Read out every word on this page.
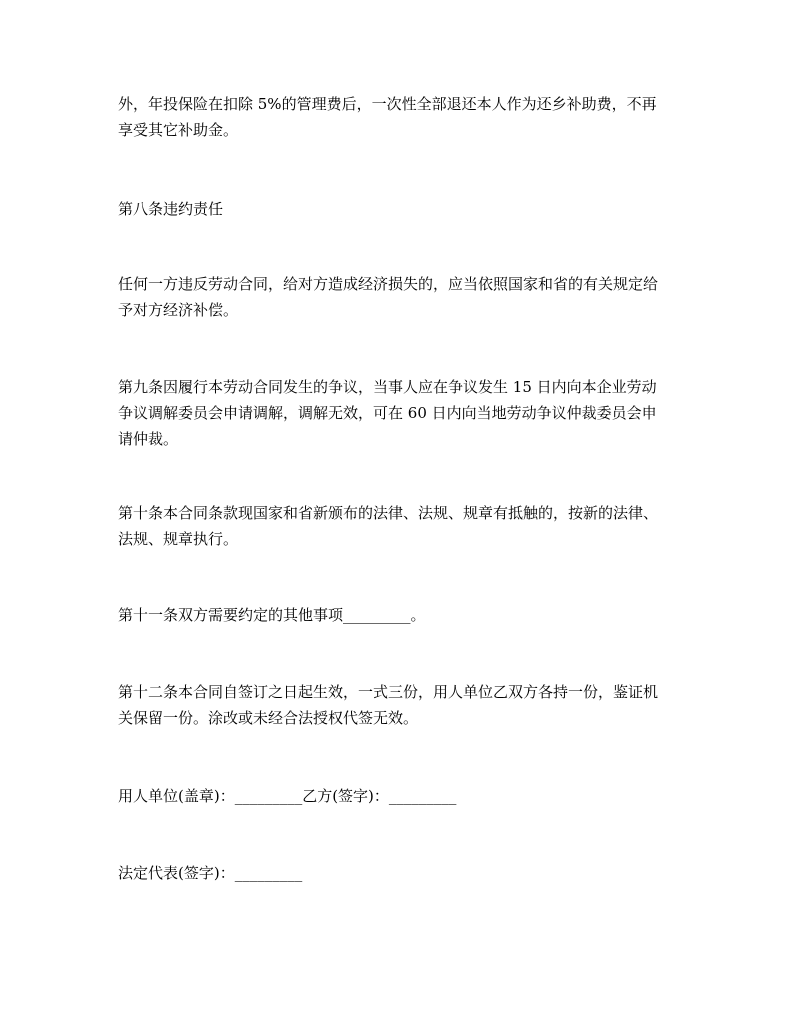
外，年投保险在扣除 5%的管理费后，一次性全部退还本人作为还乡补助费，不再
享受其它补助金。

第八条违约责任

任何一方违反劳动合同，给对方造成经济损失的，应当依照国家和省的有关规定给
予对方经济补偿。

第九条因履行本劳动合同发生的争议，当事人应在争议发生 15 日内向本企业劳动
争议调解委员会申请调解，调解无效，可在 60 日内向当地劳动争议仲裁委员会申
请仲裁。

第十条本合同条款现国家和省新颁布的法律、法规、规章有抵触的，按新的法律、
法规、规章执行。

第十一条双方需要约定的其他事项_________。

第十二条本合同自签订之日起生效，一式三份，用人单位乙双方各持一份，鉴证机
关保留一份。涂改或未经合法授权代签无效。

用人单位(盖章)：_________乙方(签字)：_________

法定代表(签字)：_________
